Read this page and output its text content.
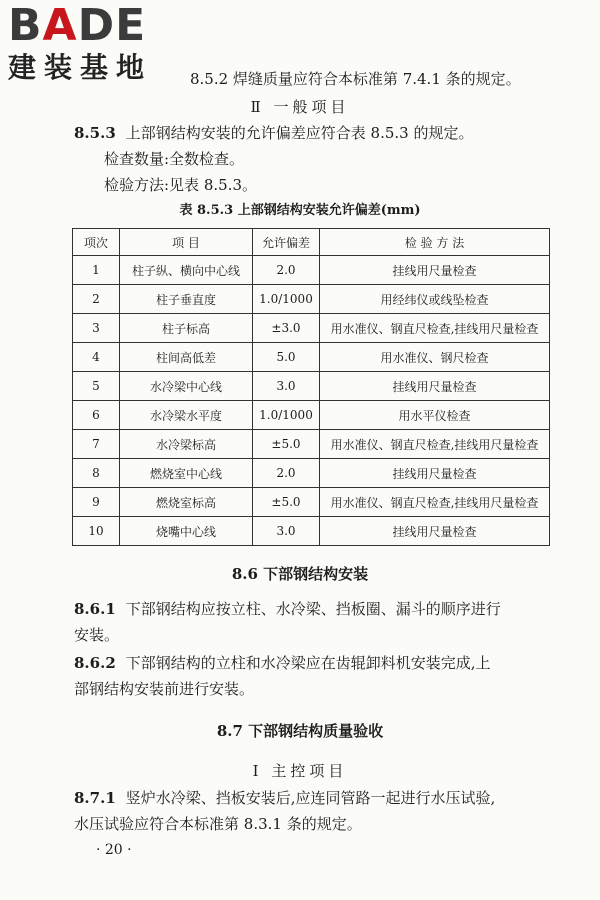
BADE
建装基地	8.5.2 焊缝质量应符合本标准第 7.4.1 条的规定。
Ⅱ 一般项目
8.5.3 上部钢结构安装的允许偏差应符合表 8.5.3 的规定。
检查数量:全数检查。
检验方法:见表 8.5.3。
表 8.5.3 上部钢结构安装允许偏差(mm)
项次	项 目	允许偏差	检 验 方 法
1	柱子纵、横向中心线	2.0	挂线用尺量检查
2	柱子垂直度	1.0/1000	用经纬仪或线坠检查
3	柱子标高	±3.0	用水准仪、钢直尺检查,挂线用尺量检查
4	柱间高低差	5.0	用水准仪、钢尺检查
5	水冷梁中心线	3.0	挂线用尺量检查
6	水冷梁水平度	1.0/1000	用水平仪检查
7	水冷梁标高	±5.0	用水准仪、钢直尺检查,挂线用尺量检查
8	燃烧室中心线	2.0	挂线用尺量检查
9	燃烧室标高	±5.0	用水准仪、钢直尺检查,挂线用尺量检查
10	烧嘴中心线	3.0	挂线用尺量检查
8.6 下部钢结构安装
8.6.1 下部钢结构应按立柱、水冷梁、挡板圈、漏斗的顺序进行
安装。
8.6.2 下部钢结构的立柱和水冷梁应在齿辊卸料机安装完成,上
部钢结构安装前进行安装。
8.7 下部钢结构质量验收
Ⅰ 主控项目
8.7.1 竖炉水冷梁、挡板安装后,应连同管路一起进行水压试验,
水压试验应符合本标准第 8.3.1 条的规定。
· 20 ·
